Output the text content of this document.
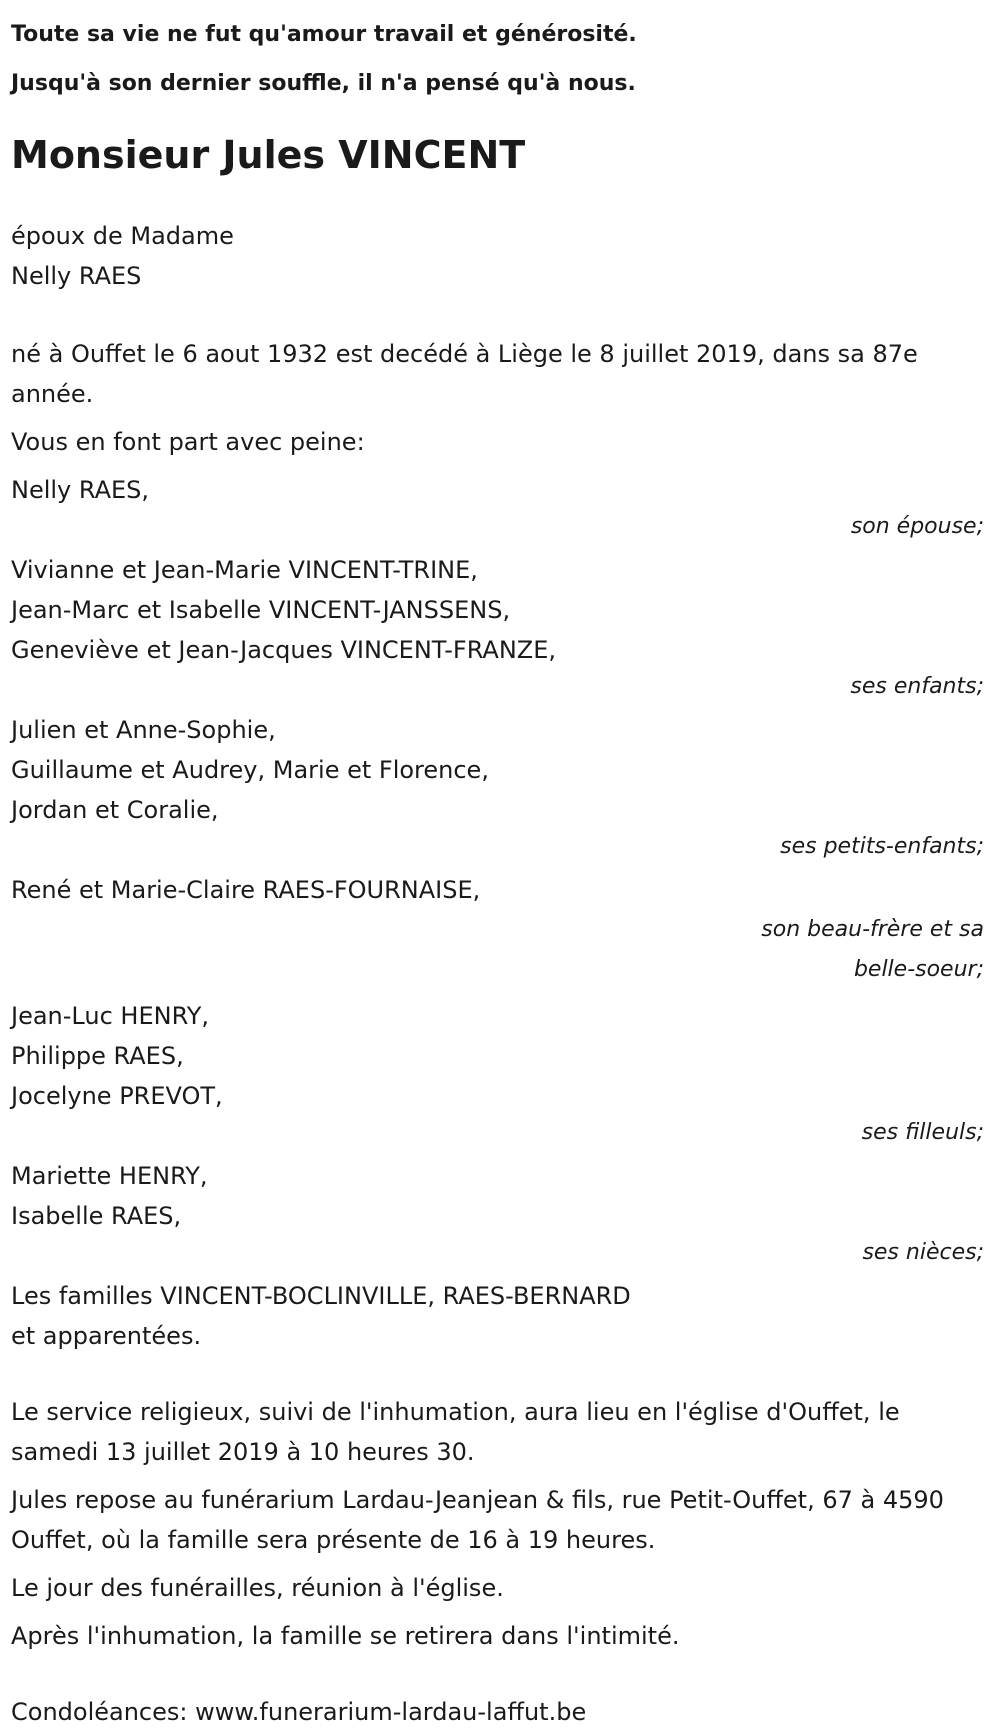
Toute sa vie ne fut qu'amour travail et générosité.

Jusqu'à son dernier souffle, il n'a pensé qu'à nous.

Monsieur Jules VINCENT

époux de Madame

Nelly RAES

né à Ouffet le 6 aout 1932 est decédé à Liège le 8 juillet 2019, dans sa 87e année.

Vous en font part avec peine:

Nelly RAES,

son épouse;

Vivianne et Jean-Marie VINCENT-TRINE,

Jean-Marc et Isabelle VINCENT-JANSSENS,

Geneviève et Jean-Jacques VINCENT-FRANZE,

ses enfants;

Julien et Anne-Sophie,

Guillaume et Audrey, Marie et Florence,

Jordan et Coralie,

ses petits-enfants;

René et Marie-Claire RAES-FOURNAISE,

son beau-frère et sa

belle-soeur;

Jean-Luc HENRY,

Philippe RAES,

Jocelyne PREVOT,

ses filleuls;

Mariette HENRY,

Isabelle RAES,

ses nièces;

Les familles VINCENT-BOCLINVILLE, RAES-BERNARD

et apparentées.

Le service religieux, suivi de l'inhumation, aura lieu en l'église d'Ouffet, le samedi 13 juillet 2019 à 10 heures 30.

Jules repose au funérarium Lardau-Jeanjean & fils, rue Petit-Ouffet, 67 à 4590 Ouffet, où la famille sera présente de 16 à 19 heures.

Le jour des funérailles, réunion à l'église.

Après l'inhumation, la famille se retirera dans l'intimité.

Condoléances: www.funerarium-lardau-laffut.be
